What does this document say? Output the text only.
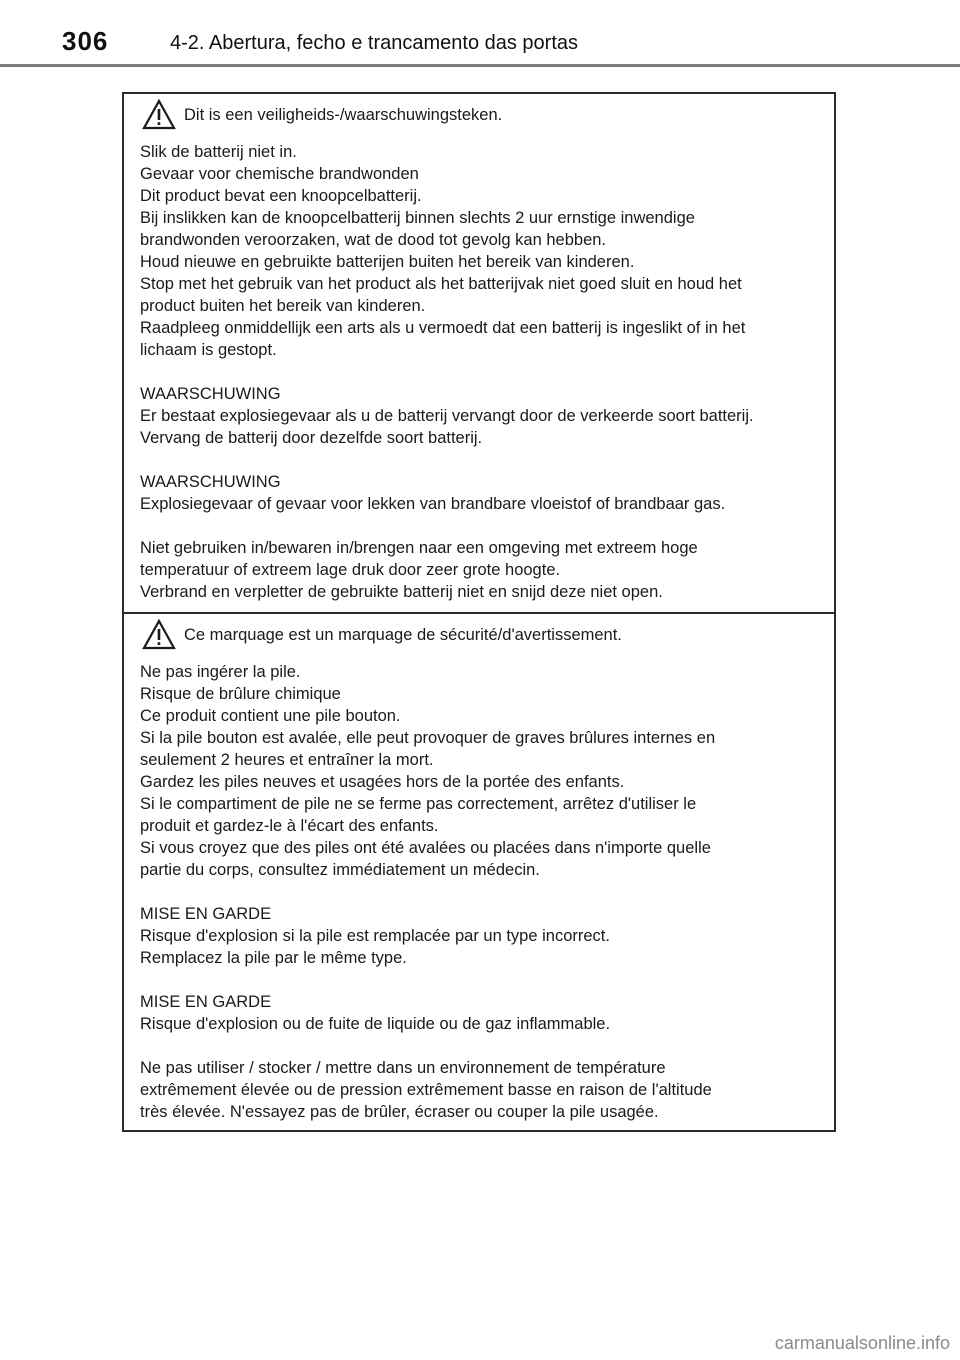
306	4-2. Abertura, fecho e trancamento das portas
Dit is een veiligheids-/waarschuwingsteken.

Slik de batterij niet in.

Gevaar voor chemische brandwonden

Dit product bevat een knoopcelbatterij.

Bij inslikken kan de knoopcelbatterij binnen slechts 2 uur ernstige inwendige

brandwonden veroorzaken, wat de dood tot gevolg kan hebben.

Houd nieuwe en gebruikte batterijen buiten het bereik van kinderen.

Stop met het gebruik van het product als het batterijvak niet goed sluit en houd het

product buiten het bereik van kinderen.

Raadpleeg onmiddellijk een arts als u vermoedt dat een batterij is ingeslikt of in het

lichaam is gestopt.

WAARSCHUWING

Er bestaat explosiegevaar als u de batterij vervangt door de verkeerde soort batterij.

Vervang de batterij door dezelfde soort batterij.

WAARSCHUWING

Explosiegevaar of gevaar voor lekken van brandbare vloeistof of brandbaar gas.

Niet gebruiken in/bewaren in/brengen naar een omgeving met extreem hoge

temperatuur of extreem lage druk door zeer grote hoogte.

Verbrand en verpletter de gebruikte batterij niet en snijd deze niet open.

Ce marquage est un marquage de sécurité/d'avertissement.

Ne pas ingérer la pile.

Risque de brûlure chimique

Ce produit contient une pile bouton.

Si la pile bouton est avalée, elle peut provoquer de graves brûlures internes en

seulement 2 heures et entraîner la mort.

Gardez les piles neuves et usagées hors de la portée des enfants.

Si le compartiment de pile ne se ferme pas correctement, arrêtez d'utiliser le

produit et gardez-le à l'écart des enfants.

Si vous croyez que des piles ont été avalées ou placées dans n'importe quelle

partie du corps, consultez immédiatement un médecin.

MISE EN GARDE

Risque d'explosion si la pile est remplacée par un type incorrect.

Remplacez la pile par le même type.

MISE EN GARDE

Risque d'explosion ou de fuite de liquide ou de gaz inflammable.

Ne pas utiliser / stocker / mettre dans un environnement de température

extrêmement élevée ou de pression extrêmement basse en raison de l'altitude

très élevée. N'essayez pas de brûler, écraser ou couper la pile usagée.

carmanualsonline.info
